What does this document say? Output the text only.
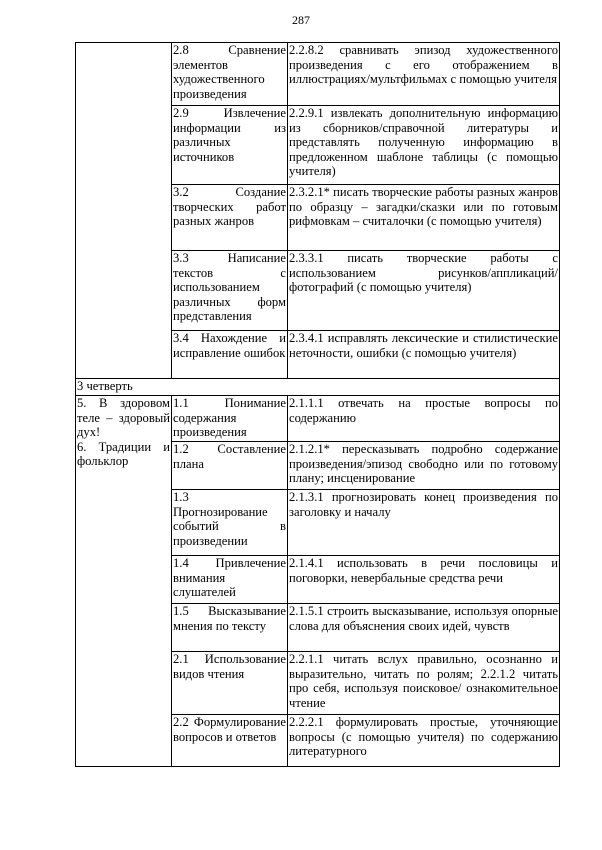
287
	2.8 Сравнение элементов художественного произведения	2.2.8.2 сравнивать эпизод художественного произведения с его отображением в иллюстрациях/мультфильмах с помощью учителя
	2.9 Извлечение информации из различных источников	2.2.9.1 извлекать дополнительную информацию из сборников/справочной литературы и представлять полученную информацию в предложенном шаблоне таблицы (с помощью учителя)
	3.2 Создание творческих работ разных жанров	2.3.2.1* писать творческие работы разных жанров по образцу – загадки/сказки или по готовым рифмовкам – считалочки (с помощью учителя)
	3.3 Написание текстов с использованием различных форм представления	2.3.3.1 писать творческие работы с использованием рисунков/аппликаций/фотографий (с помощью учителя)
	3.4 Нахождение и исправление ошибок	2.3.4.1 исправлять лексические и стилистические неточности, ошибки (с помощью учителя)
3 четверть		

5. В здоровом теле – здоровый дух!
6. Традиции и фольклор	1.1 Понимание содержания произведения	2.1.1.1 отвечать на простые вопросы по содержанию
	1.2 Составление плана	2.1.2.1* пересказывать подробно содержание произведения/эпизод свободно или по готовому плану; инсценирование
	1.3 Прогнозирование событий в произведении	2.1.3.1 прогнозировать конец произведения по заголовку и началу
	1.4 Привлечение внимания слушателей	2.1.4.1 использовать в речи пословицы и поговорки, невербальные средства речи
	1.5 Высказывание мнения по тексту	2.1.5.1 строить высказывание, используя опорные слова для объяснения своих идей, чувств
	2.1 Использование видов чтения	2.2.1.1 читать вслух правильно, осознанно и выразительно, читать по ролям; 2.2.1.2 читать про себя, используя поисковое/ ознакомительное чтение
	2.2 Формулирование вопросов и ответов	2.2.2.1 формулировать простые, уточняющие вопросы (с помощью учителя) по содержанию литературного
